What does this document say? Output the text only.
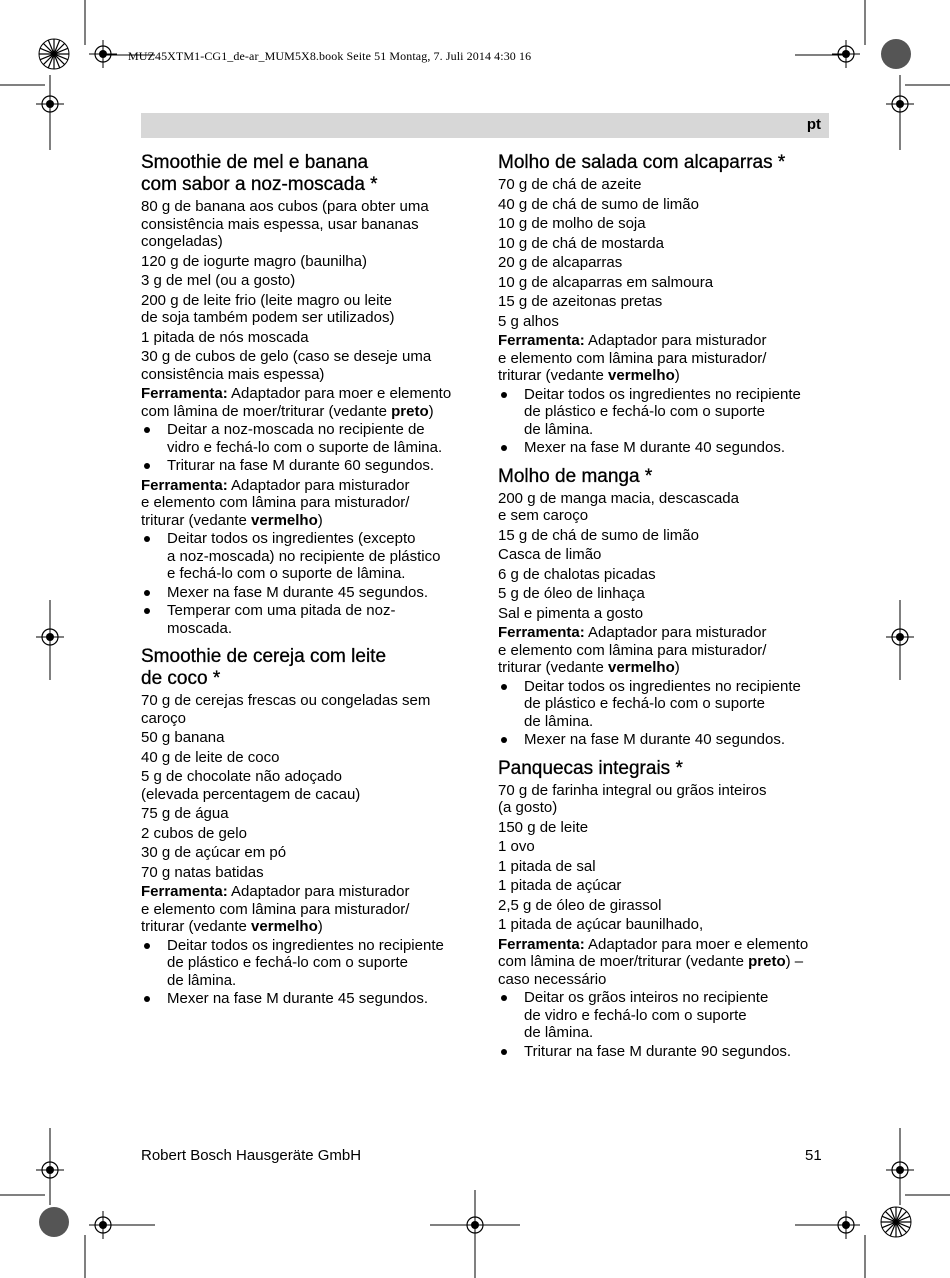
MUZ45XTM1-CG1_de-ar_MUM5X8.book Seite 51 Montag, 7. Juli 2014 4:30 16
pt
Smoothie de mel e banana
com sabor a noz-moscada *
80 g de banana aos cubos (para obter uma
consistência mais espessa, usar bananas
congeladas)
120 g de iogurte magro (baunilha)
3 g de mel (ou a gosto)
200 g de leite frio (leite magro ou leite
de soja também podem ser utilizados)
1 pitada de nós moscada
30 g de cubos de gelo (caso se deseje uma
consistência mais espessa)
Ferramenta: Adaptador para moer e elemento
com lâmina de moer/triturar (vedante preto)
Deitar a noz-moscada no recipiente de
vidro e fechá-lo com o suporte de lâmina.
Triturar na fase M durante 60 segundos.
Ferramenta: Adaptador para misturador
e elemento com lâmina para misturador/
triturar (vedante vermelho)
Deitar todos os ingredientes (excepto
a noz-moscada) no recipiente de plástico
e fechá-lo com o suporte de lâmina.
Mexer na fase M durante 45 segundos.
Temperar com uma pitada de noz-
moscada.
Smoothie de cereja com leite
de coco *
70 g de cerejas frescas ou congeladas sem
caroço
50 g banana
40 g de leite de coco
5 g de chocolate não adoçado
(elevada percentagem de cacau)
75 g de água
2 cubos de gelo
30 g de açúcar em pó
70 g natas batidas
Ferramenta: Adaptador para misturador
e elemento com lâmina para misturador/
triturar (vedante vermelho)
Deitar todos os ingredientes no recipiente
de plástico e fechá-lo com o suporte
de lâmina.
Mexer na fase M durante 45 segundos.
Molho de salada com alcaparras *
70 g de chá de azeite
40 g de chá de sumo de limão
10 g de molho de soja
10 g de chá de mostarda
20 g de alcaparras
10 g de alcaparras em salmoura
15 g de azeitonas pretas
5 g alhos
Ferramenta: Adaptador para misturador
e elemento com lâmina para misturador/
triturar (vedante vermelho)
Deitar todos os ingredientes no recipiente
de plástico e fechá-lo com o suporte
de lâmina.
Mexer na fase M durante 40 segundos.
Molho de manga *
200 g de manga macia, descascada
e sem caroço
15 g de chá de sumo de limão
Casca de limão
6 g de chalotas picadas
5 g de óleo de linhaça
Sal e pimenta a gosto
Ferramenta: Adaptador para misturador
e elemento com lâmina para misturador/
triturar (vedante vermelho)
Deitar todos os ingredientes no recipiente
de plástico e fechá-lo com o suporte
de lâmina.
Mexer na fase M durante 40 segundos.
Panquecas integrais *
70 g de farinha integral ou grãos inteiros
(a gosto)
150 g de leite
1 ovo
1 pitada de sal
1 pitada de açúcar
2,5 g de óleo de girassol
1 pitada de açúcar baunilhado,
Ferramenta: Adaptador para moer e elemento
com lâmina de moer/triturar (vedante preto) –
caso necessário
Deitar os grãos inteiros no recipiente
de vidro e fechá-lo com o suporte
de lâmina.
Triturar na fase M durante 90 segundos.
Robert Bosch Hausgeräte GmbH	51
